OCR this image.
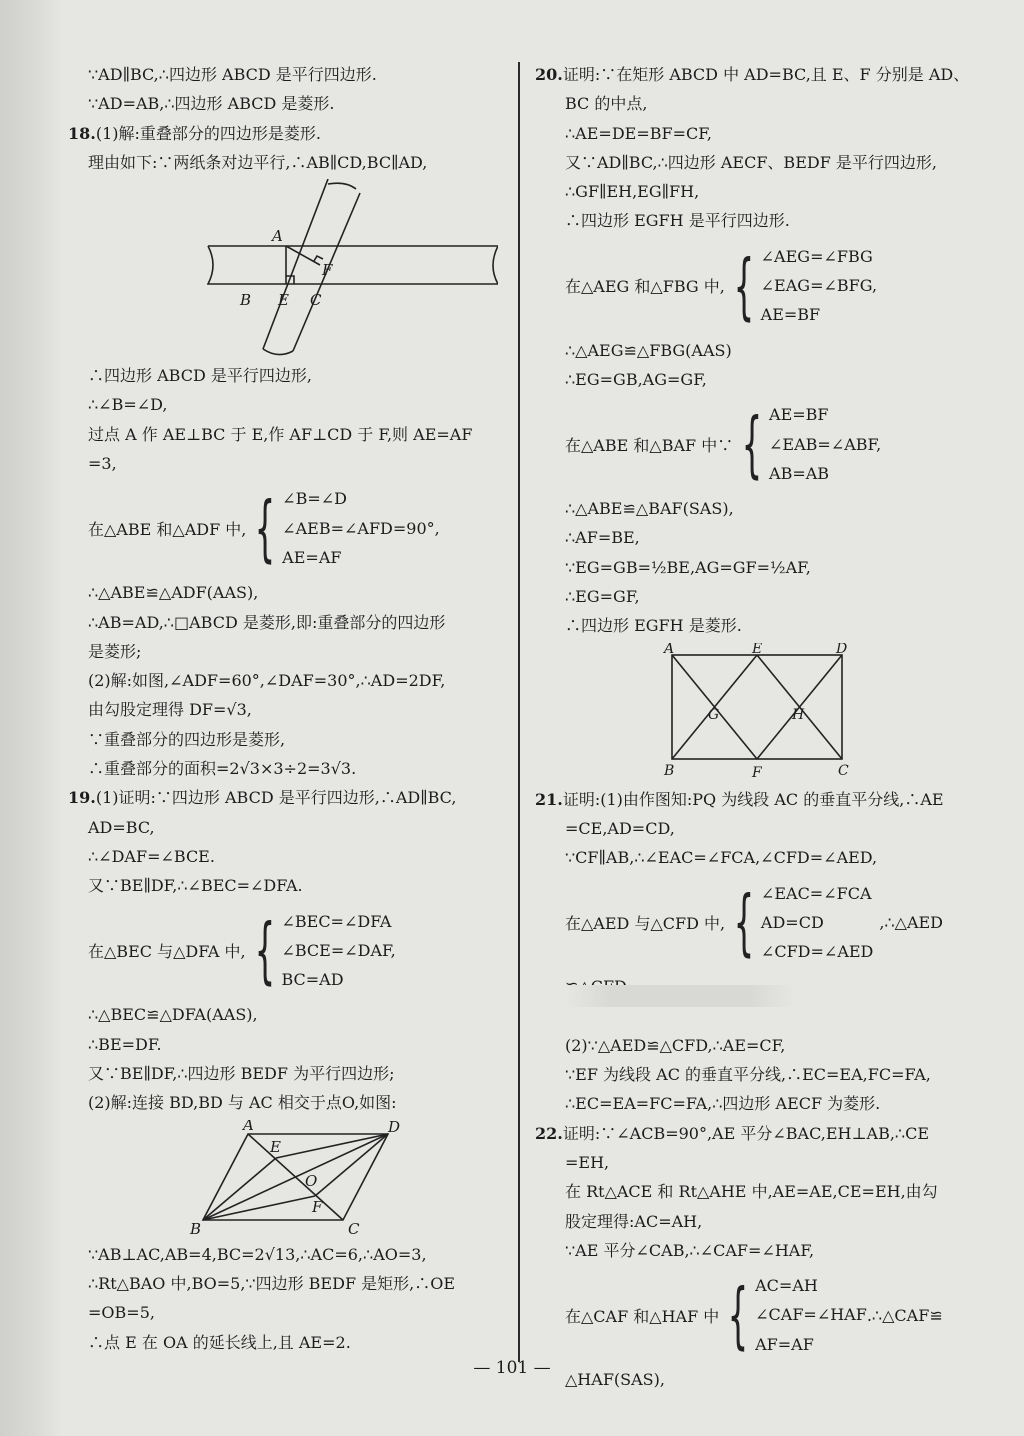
∵AD∥BC,∴四边形 ABCD 是平行四边形.
∵AD=AB,∴四边形 ABCD 是菱形.
18.(1)解:重叠部分的四边形是菱形.
理由如下:∵两纸条对边平行,∴AB∥CD,BC∥AD,
A
B E C
F
∴四边形 ABCD 是平行四边形,
∴∠B=∠D,
过点 A 作 AE⊥BC 于 E,作 AF⊥CD 于 F,则 AE=AF
=3,
在△ABE 和△ADF 中, { ∠B=∠D
∠AEB=∠AFD=90°,
AE=AF
∴△ABE≌△ADF(AAS),
∴AB=AD,∴□ABCD 是菱形,即:重叠部分的四边形
是菱形;
(2)解:如图,∠ADF=60°,∠DAF=30°,∴AD=2DF,
由勾股定理得 DF=√3,
∵重叠部分的四边形是菱形,
∴重叠部分的面积=2√3×3÷2=3√3.
19.(1)证明:∵四边形 ABCD 是平行四边形,∴AD∥BC,
AD=BC,
∴∠DAF=∠BCE.
又∵BE∥DF,∴∠BEC=∠DFA.
在△BEC 与△DFA 中, { ∠BEC=∠DFA
∠BCE=∠DAF,
BC=AD
∴△BEC≌△DFA(AAS),
∴BE=DF.
又∵BE∥DF,∴四边形 BEDF 为平行四边形;
(2)解:连接 BD,BD 与 AC 相交于点O,如图:
A	D
E
O
F
B	C
∵AB⊥AC,AB=4,BC=2√13,∴AC=6,∴AO=3,
∴Rt△BAO 中,BO=5,∵四边形 BEDF 是矩形,∴OE
=OB=5,
∴点 E 在 OA 的延长线上,且 AE=2.
20.证明:∵在矩形 ABCD 中 AD=BC,且 E、F 分别是 AD、
BC 的中点,
∴AE=DE=BF=CF,
又∵AD∥BC,∴四边形 AECF、BEDF 是平行四边形,
∴GF∥EH,EG∥FH,
∴四边形 EGFH 是平行四边形.
在△AEG 和△FBG 中, { ∠AEG=∠FBG
∠EAG=∠BFG,
AE=BF
∴△AEG≌△FBG(AAS)
∴EG=GB,AG=GF,
在△ABE 和△BAF 中∵ { AE=BF
∠EAB=∠ABF,
AB=AB
∴△ABE≌△BAF(SAS),
∴AF=BE,
∵EG=GB=½BE,AG=GF=½AF,
∴EG=GF,
∴四边形 EGFH 是菱形.
A	E	D
G	H
B	F	C
21.证明:(1)由作图知:PQ 为线段 AC 的垂直平分线,∴AE
=CE,AD=CD,
∵CF∥AB,∴∠EAC=∠FCA,∠CFD=∠AED,
在△AED 与△CFD 中, { ∠EAC=∠FCA
AD=CD
∠CFD=∠AED
,∴△AED
(2)∵△AED≌△CFD,∴AE=CF,
∵EF 为线段 AC 的垂直平分线,∴EC=EA,FC=FA,
∴EC=EA=FC=FA,∴四边形 AECF 为菱形.
22.证明:∵∠ACB=90°,AE 平分∠BAC,EH⊥AB,∴CE
=EH,
在 Rt△ACE 和 Rt△AHE 中,AE=AE,CE=EH,由勾
股定理得:AC=AH,
∵AE 平分∠CAB,∴∠CAF=∠HAF,
在△CAF 和△HAF 中 { AC=AH
∠CAF=∠HAF
AF=AF
.∴△CAF≌
△HAF(SAS),
— 101 —
